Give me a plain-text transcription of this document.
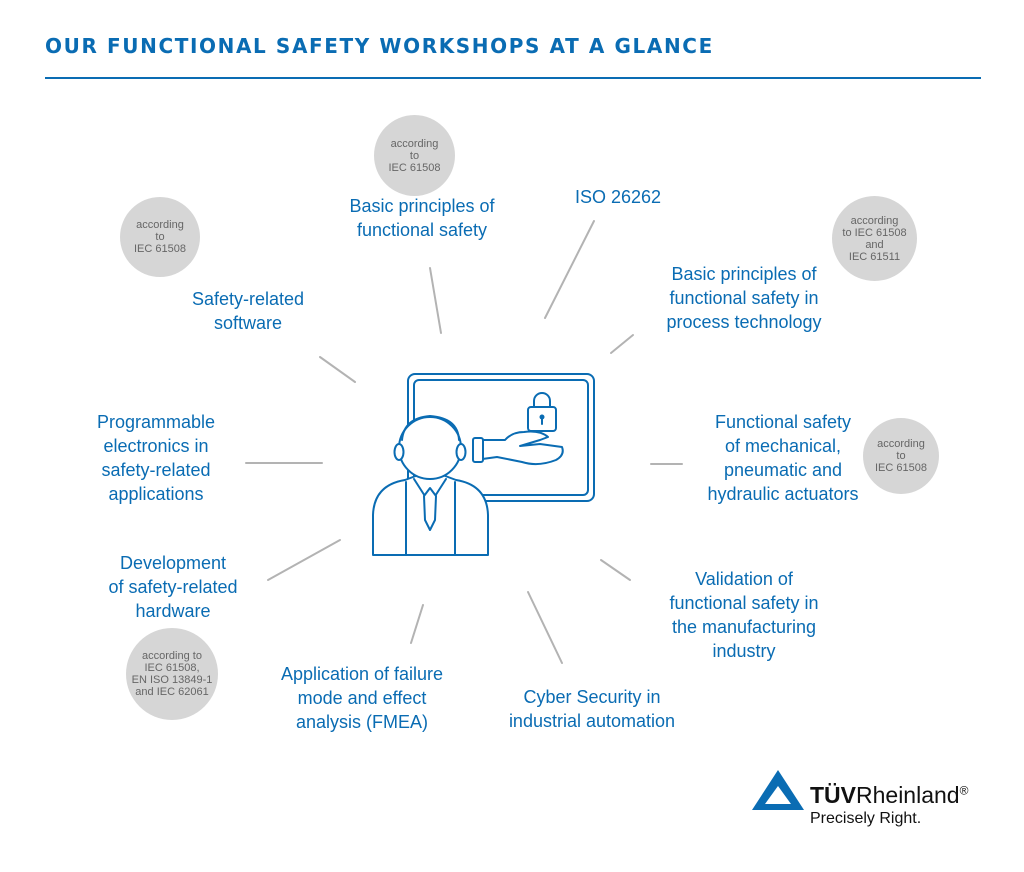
OUR FUNCTIONAL SAFETY WORKSHOPS AT A GLANCE
according
to
IEC 61508
Basic principles of
functional safety
ISO 26262
according
to IEC 61508
and
IEC 61511
Basic principles of
functional safety in
process technology
Functional safety
of mechanical,
pneumatic and
hydraulic actuators
according
to
IEC 61508
Validation of
functional safety in
the manufacturing
industry
Cyber Security in
industrial automation
Application of failure
mode and effect
analysis (FMEA)
Development
of safety-related
hardware
according to
IEC 61508,
EN ISO 13849-1
and IEC 62061
Programmable
electronics in
safety-related
applications
according
to
IEC 61508
Safety-related
software
TÜVRheinland®
Precisely Right.
